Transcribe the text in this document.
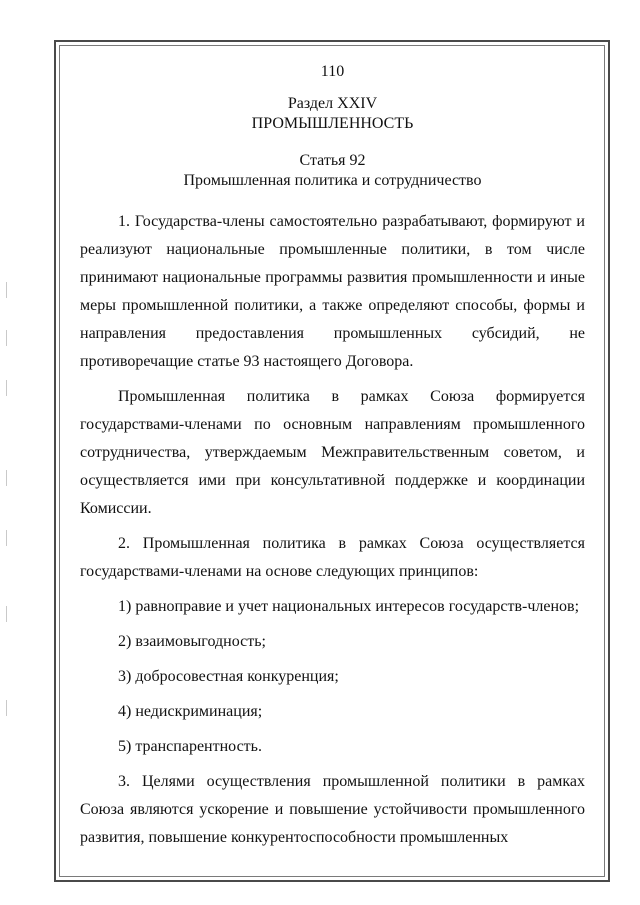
110
Раздел XXIV
ПРОМЫШЛЕННОСТЬ
Статья 92
Промышленная политика и сотрудничество

1. Государства-члены самостоятельно разрабатывают, формируют и реализуют национальные промышленные политики, в том числе принимают национальные программы развития промышленности и иные меры промышленной политики, а также определяют способы, формы и направления предоставления промышленных субсидий, не противоречащие статье 93 настоящего Договора.

Промышленная политика в рамках Союза формируется государствами-членами по основным направлениям промышленного сотрудничества, утверждаемым Межправительственным советом, и осуществляется ими при консультативной поддержке и координации Комиссии.

2. Промышленная политика в рамках Союза осуществляется государствами-членами на основе следующих принципов:

1) равноправие и учет национальных интересов государств-членов;

2) взаимовыгодность;

3) добросовестная конкуренция;

4) недискриминация;

5) транспарентность.

3. Целями осуществления промышленной политики в рамках Союза являются ускорение и повышение устойчивости промышленного развития, повышение конкурентоспособности промышленных
